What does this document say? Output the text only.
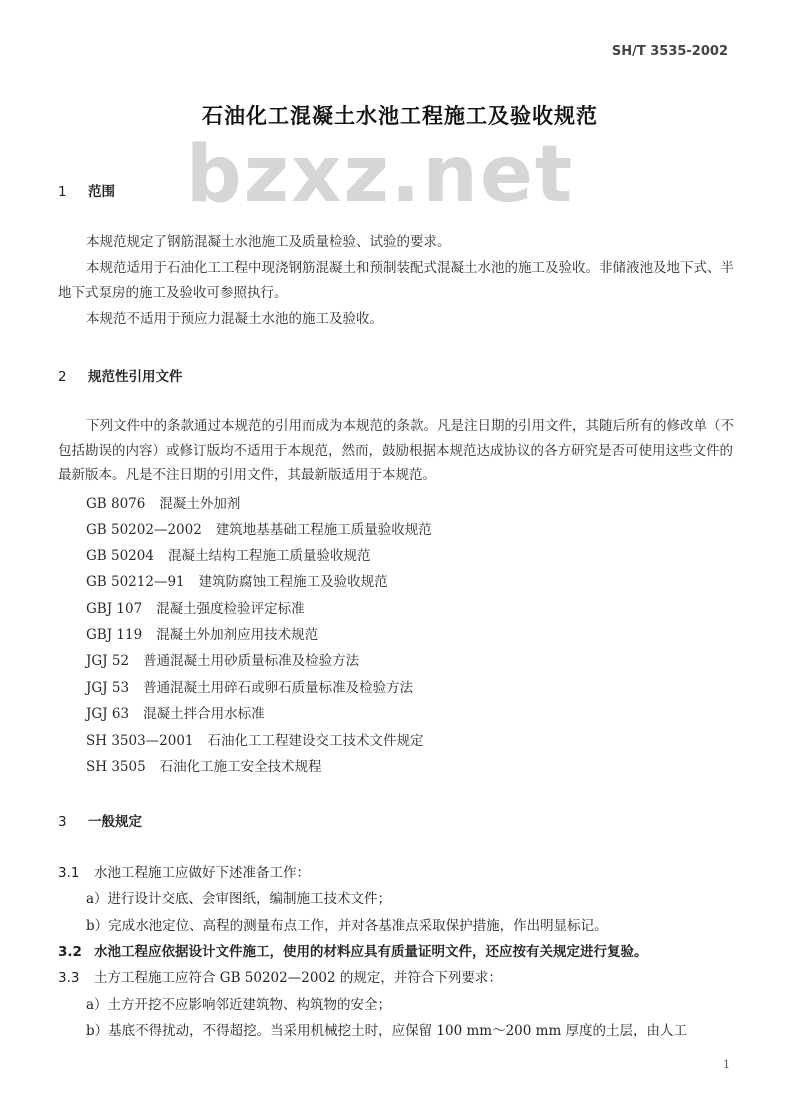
SH/T 3535-2002
石油化工混凝土水池工程施工及验收规范
bzxz.net
1 范围
本规范规定了钢筋混凝土水池施工及质量检验、试验的要求。
本规范适用于石油化工工程中现浇钢筋混凝土和预制装配式混凝土水池的施工及验收。非储液池及地下式、半地下式泵房的施工及验收可参照执行。
本规范不适用于预应力混凝土水池的施工及验收。
2 规范性引用文件
下列文件中的条款通过本规范的引用而成为本规范的条款。凡是注日期的引用文件，其随后所有的修改单（不包括勘误的内容）或修订版均不适用于本规范，然而，鼓励根据本规范达成协议的各方研究是否可使用这些文件的最新版本。凡是不注日期的引用文件，其最新版适用于本规范。
GB 8076 混凝土外加剂
GB 50202—2002 建筑地基基础工程施工质量验收规范
GB 50204 混凝土结构工程施工质量验收规范
GB 50212—91 建筑防腐蚀工程施工及验收规范
GBJ 107 混凝土强度检验评定标准
GBJ 119 混凝土外加剂应用技术规范
JGJ 52 普通混凝土用砂质量标准及检验方法
JGJ 53 普通混凝土用碎石或卵石质量标准及检验方法
JGJ 63 混凝土拌合用水标准
SH 3503—2001 石油化工工程建设交工技术文件规定
SH 3505 石油化工施工安全技术规程
3 一般规定
3.1 水池工程施工应做好下述准备工作：
a）进行设计交底、会审图纸，编制施工技术文件；
b）完成水池定位、高程的测量布点工作，并对各基准点采取保护措施，作出明显标记。
3.2 水池工程应依据设计文件施工，使用的材料应具有质量证明文件，还应按有关规定进行复验。
3.3 土方工程施工应符合 GB 50202—2002 的规定，并符合下列要求：
a）土方开挖不应影响邻近建筑物、构筑物的安全；
b）基底不得扰动，不得超挖。当采用机械挖土时，应保留 100 mm～200 mm 厚度的土层，由人工
1
